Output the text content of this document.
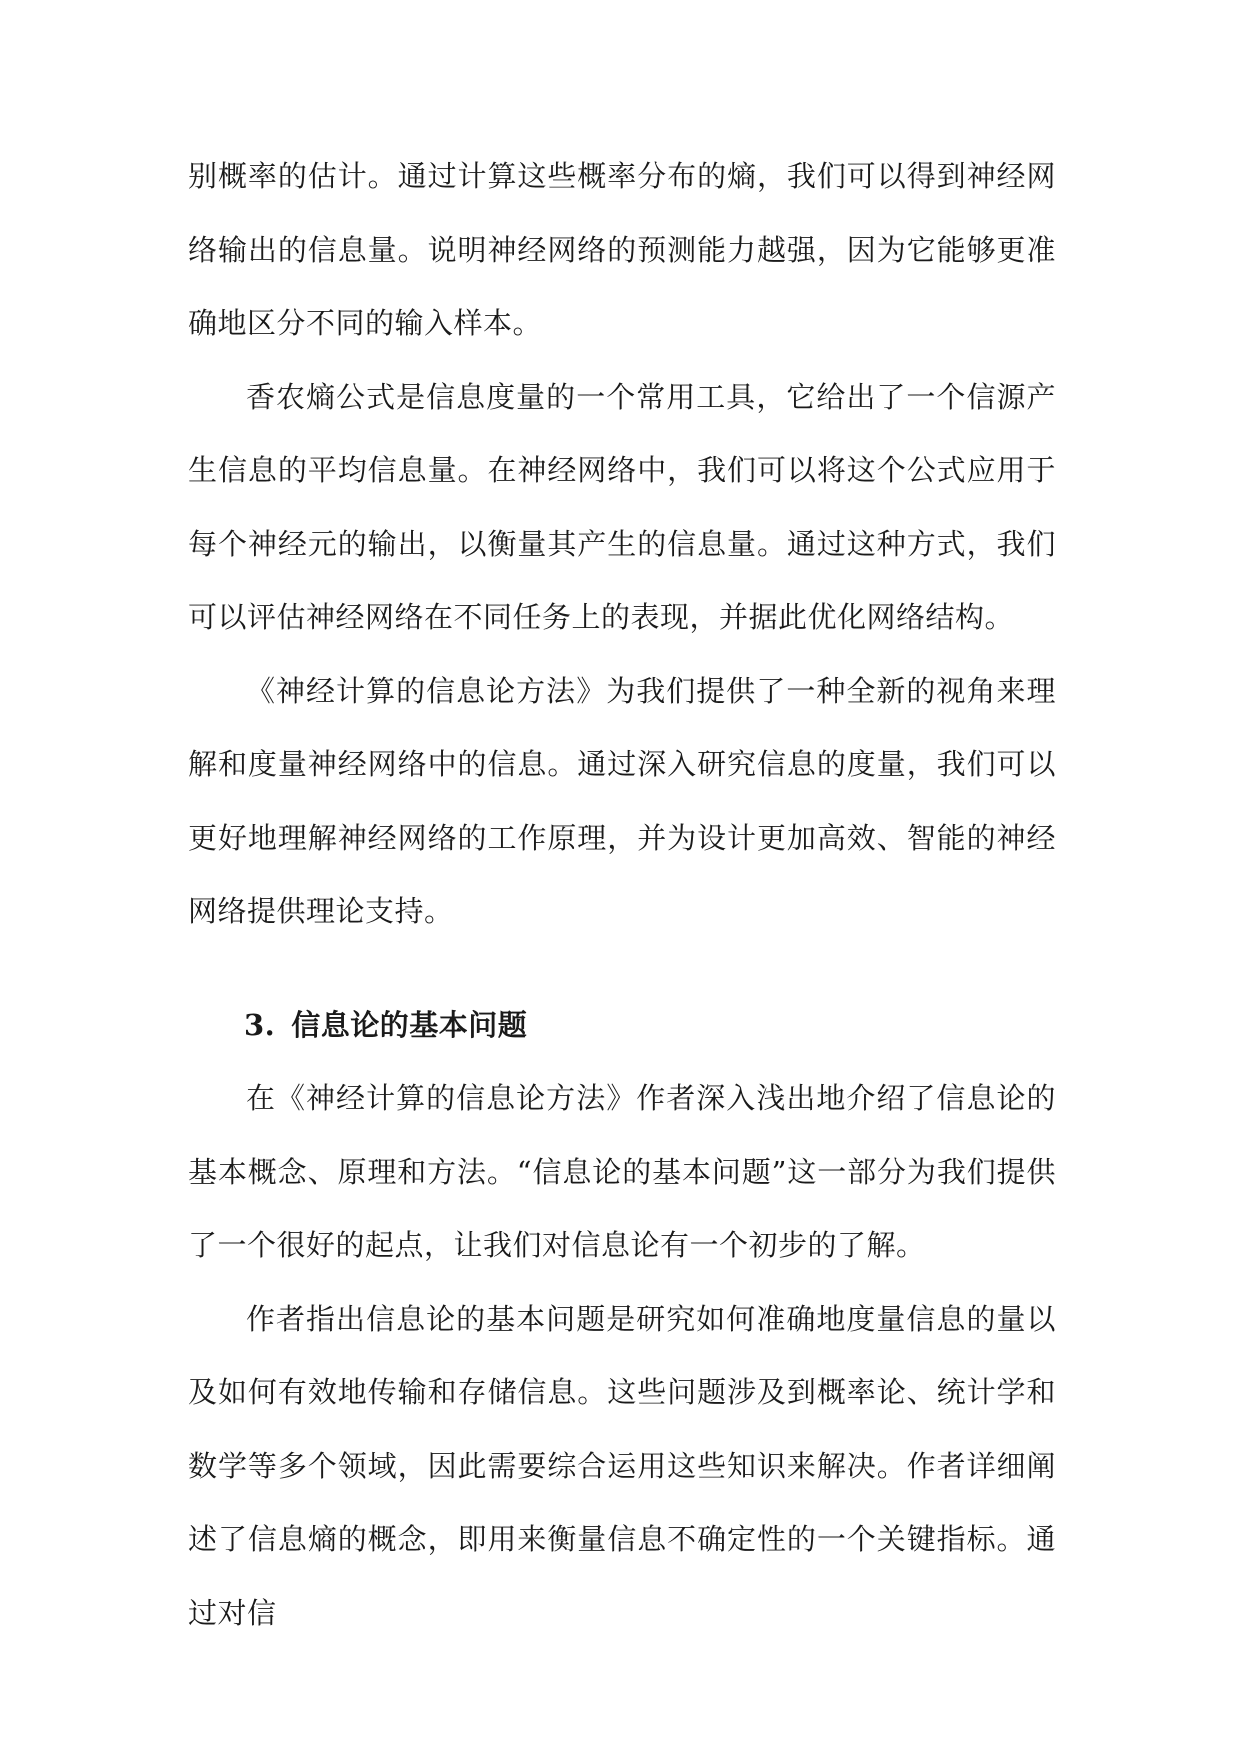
别概率的估计。通过计算这些概率分布的熵，我们可以得到神经网络输出的信息量。说明神经网络的预测能力越强，因为它能够更准确地区分不同的输入样本。

香农熵公式是信息度量的一个常用工具，它给出了一个信源产生信息的平均信息量。在神经网络中，我们可以将这个公式应用于每个神经元的输出，以衡量其产生的信息量。通过这种方式，我们可以评估神经网络在不同任务上的表现，并据此优化网络结构。

《神经计算的信息论方法》为我们提供了一种全新的视角来理解和度量神经网络中的信息。通过深入研究信息的度量，我们可以更好地理解神经网络的工作原理，并为设计更加高效、智能的神经网络提供理论支持。

3. 信息论的基本问题

在《神经计算的信息论方法》作者深入浅出地介绍了信息论的基本概念、原理和方法。“信息论的基本问题”这一部分为我们提供了一个很好的起点，让我们对信息论有一个初步的了解。

作者指出信息论的基本问题是研究如何准确地度量信息的量以及如何有效地传输和存储信息。这些问题涉及到概率论、统计学和数学等多个领域，因此需要综合运用这些知识来解决。作者详细阐述了信息熵的概念，即用来衡量信息不确定性的一个关键指标。通过对信
